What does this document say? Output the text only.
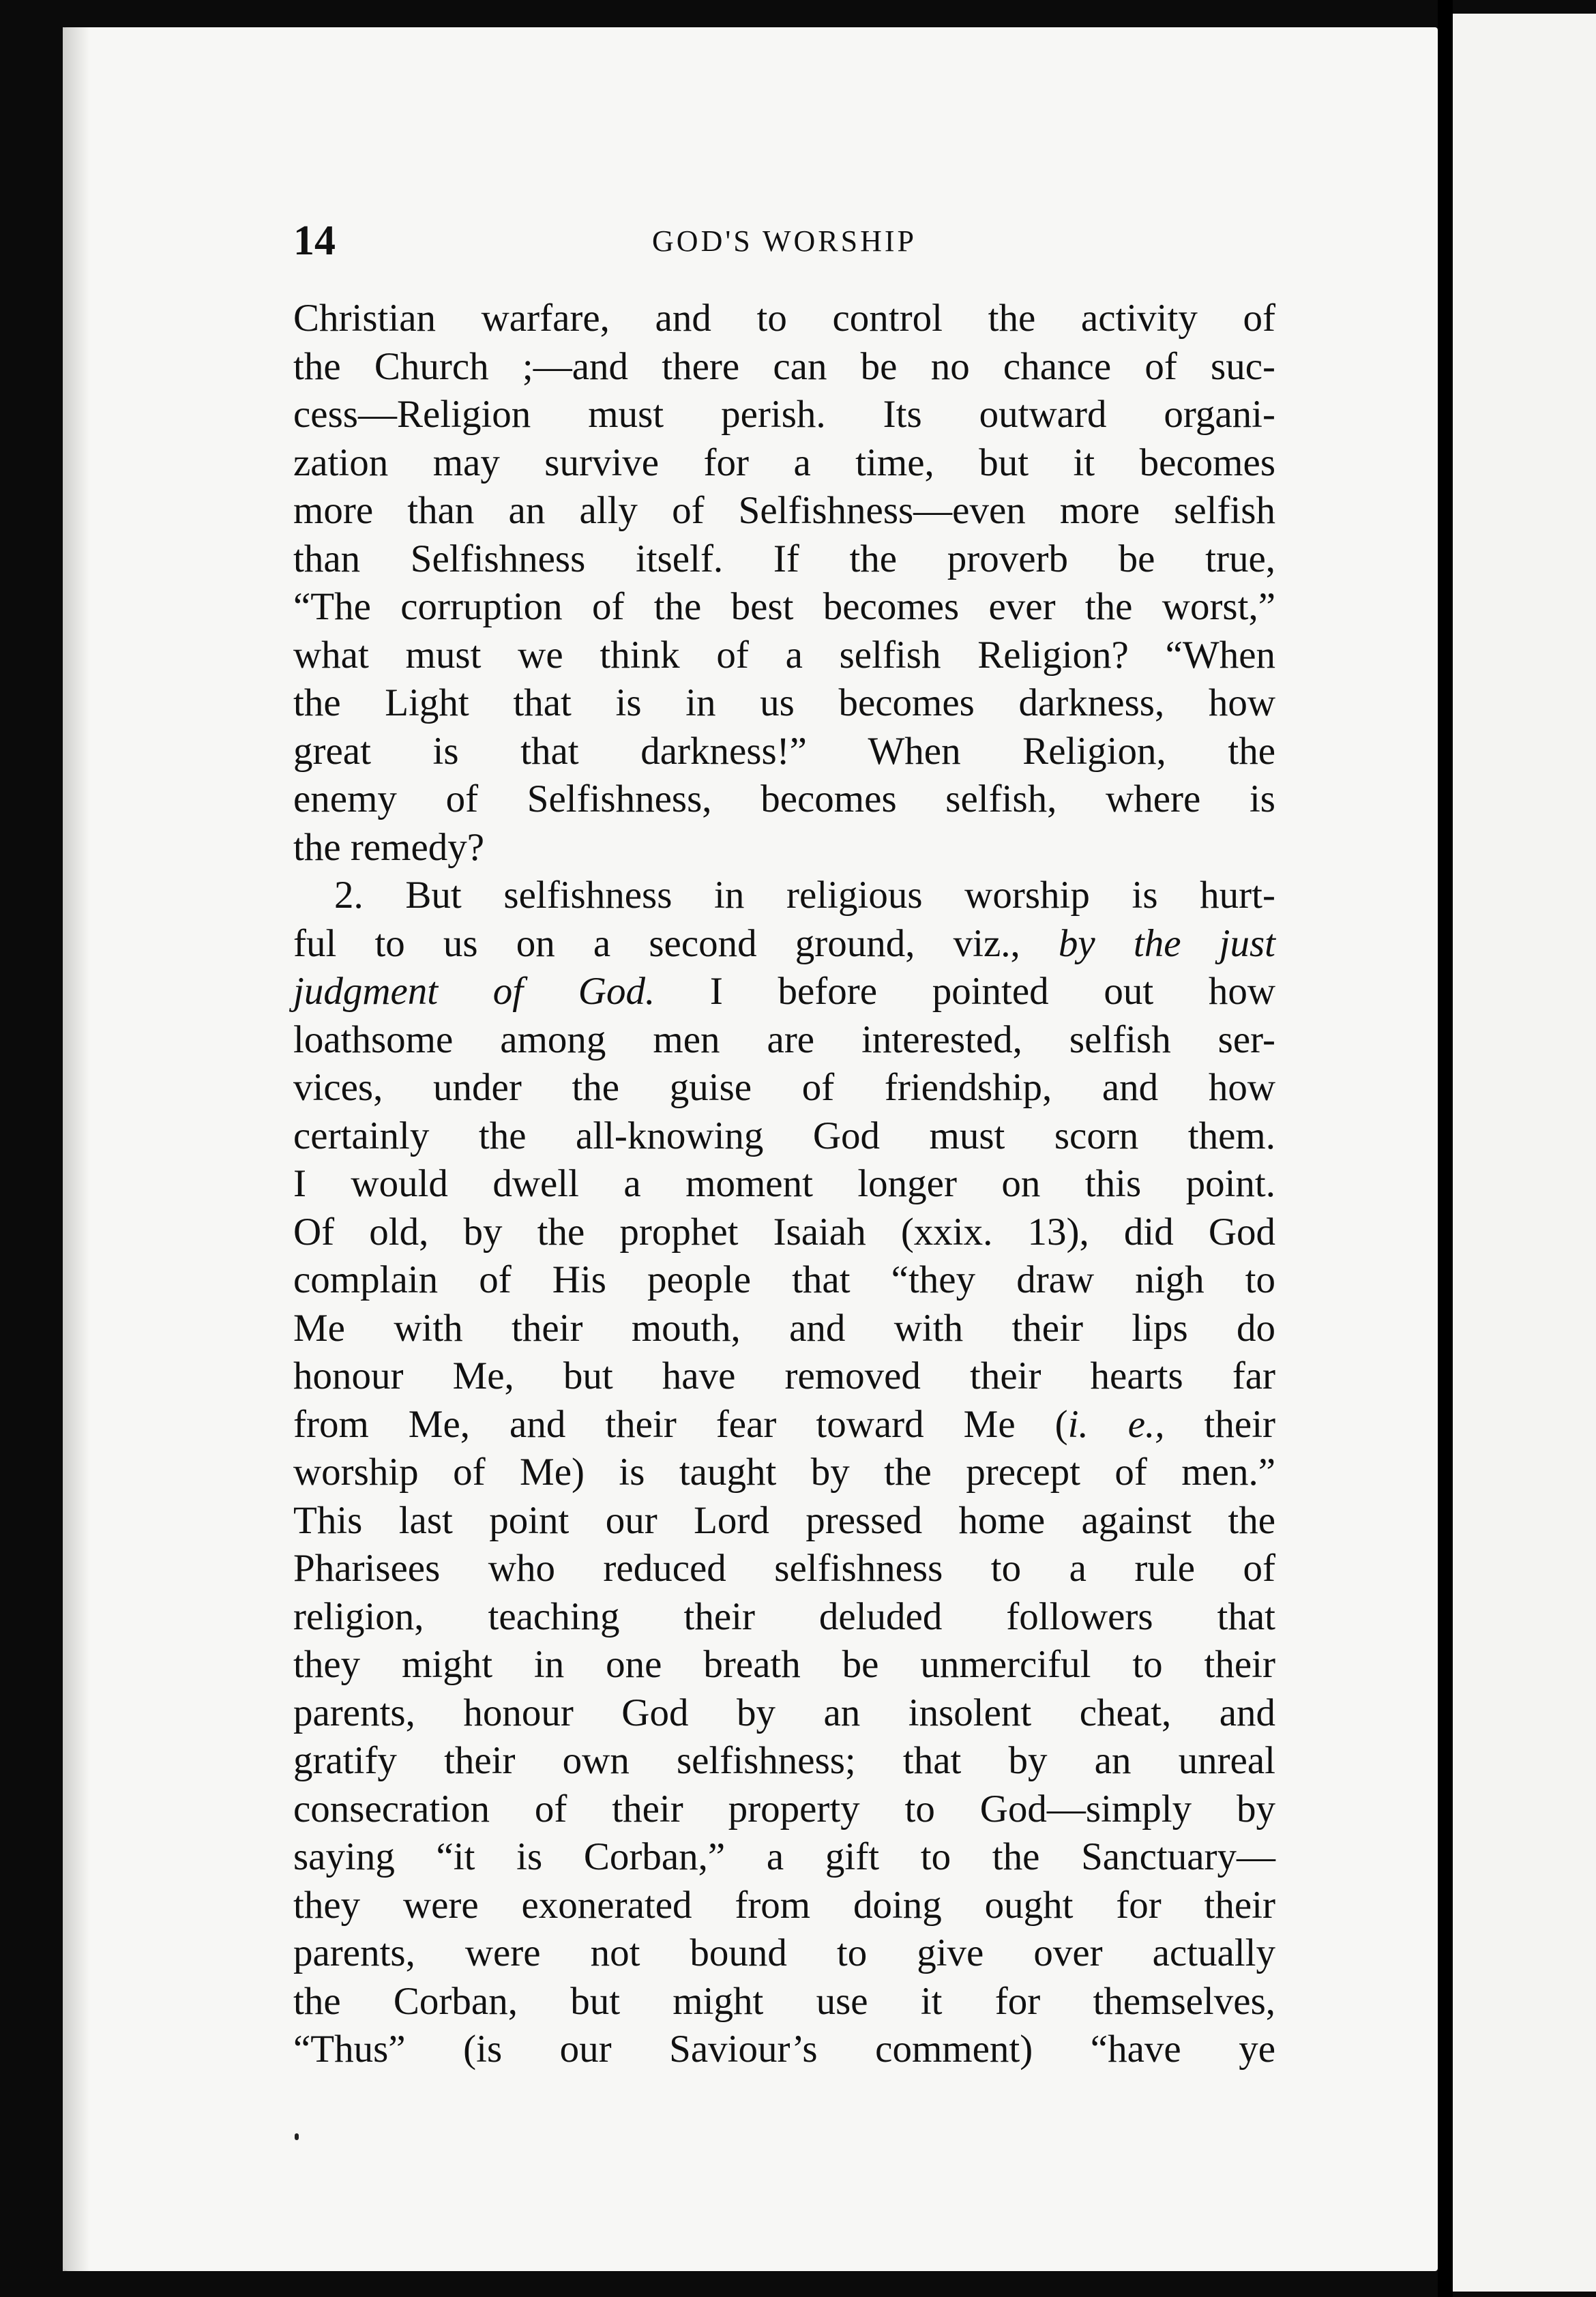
14	GOD'S WORSHIP
Christian warfare, and to control the activity of
the Church ;—and there can be no chance of suc-
cess—Religion must perish. Its outward organi-
zation may survive for a time, but it becomes
more than an ally of Selfishness—even more selfish
than Selfishness itself. If the proverb be true,
“The corruption of the best becomes ever the worst,”
what must we think of a selfish Religion? “When
the Light that is in us becomes darkness, how
great is that darkness!” When Religion, the
enemy of Selfishness, becomes selfish, where is
the remedy?
2. But selfishness in religious worship is hurt-
ful to us on a second ground, viz., by the just
judgment of God. I before pointed out how
loathsome among men are interested, selfish ser-
vices, under the guise of friendship, and how
certainly the all-knowing God must scorn them.
I would dwell a moment longer on this point.
Of old, by the prophet Isaiah (xxix. 13), did God
complain of His people that “they draw nigh to
Me with their mouth, and with their lips do
honour Me, but have removed their hearts far
from Me, and their fear toward Me (i. e., their
worship of Me) is taught by the precept of men.”
This last point our Lord pressed home against the
Pharisees who reduced selfishness to a rule of
religion, teaching their deluded followers that
they might in one breath be unmerciful to their
parents, honour God by an insolent cheat, and
gratify their own selfishness; that by an unreal
consecration of their property to God—simply by
saying “it is Corban,” a gift to the Sanctuary—
they were exonerated from doing ought for their
parents, were not bound to give over actually
the Corban, but might use it for themselves,
“Thus” (is our Saviour’s comment) “have ye
